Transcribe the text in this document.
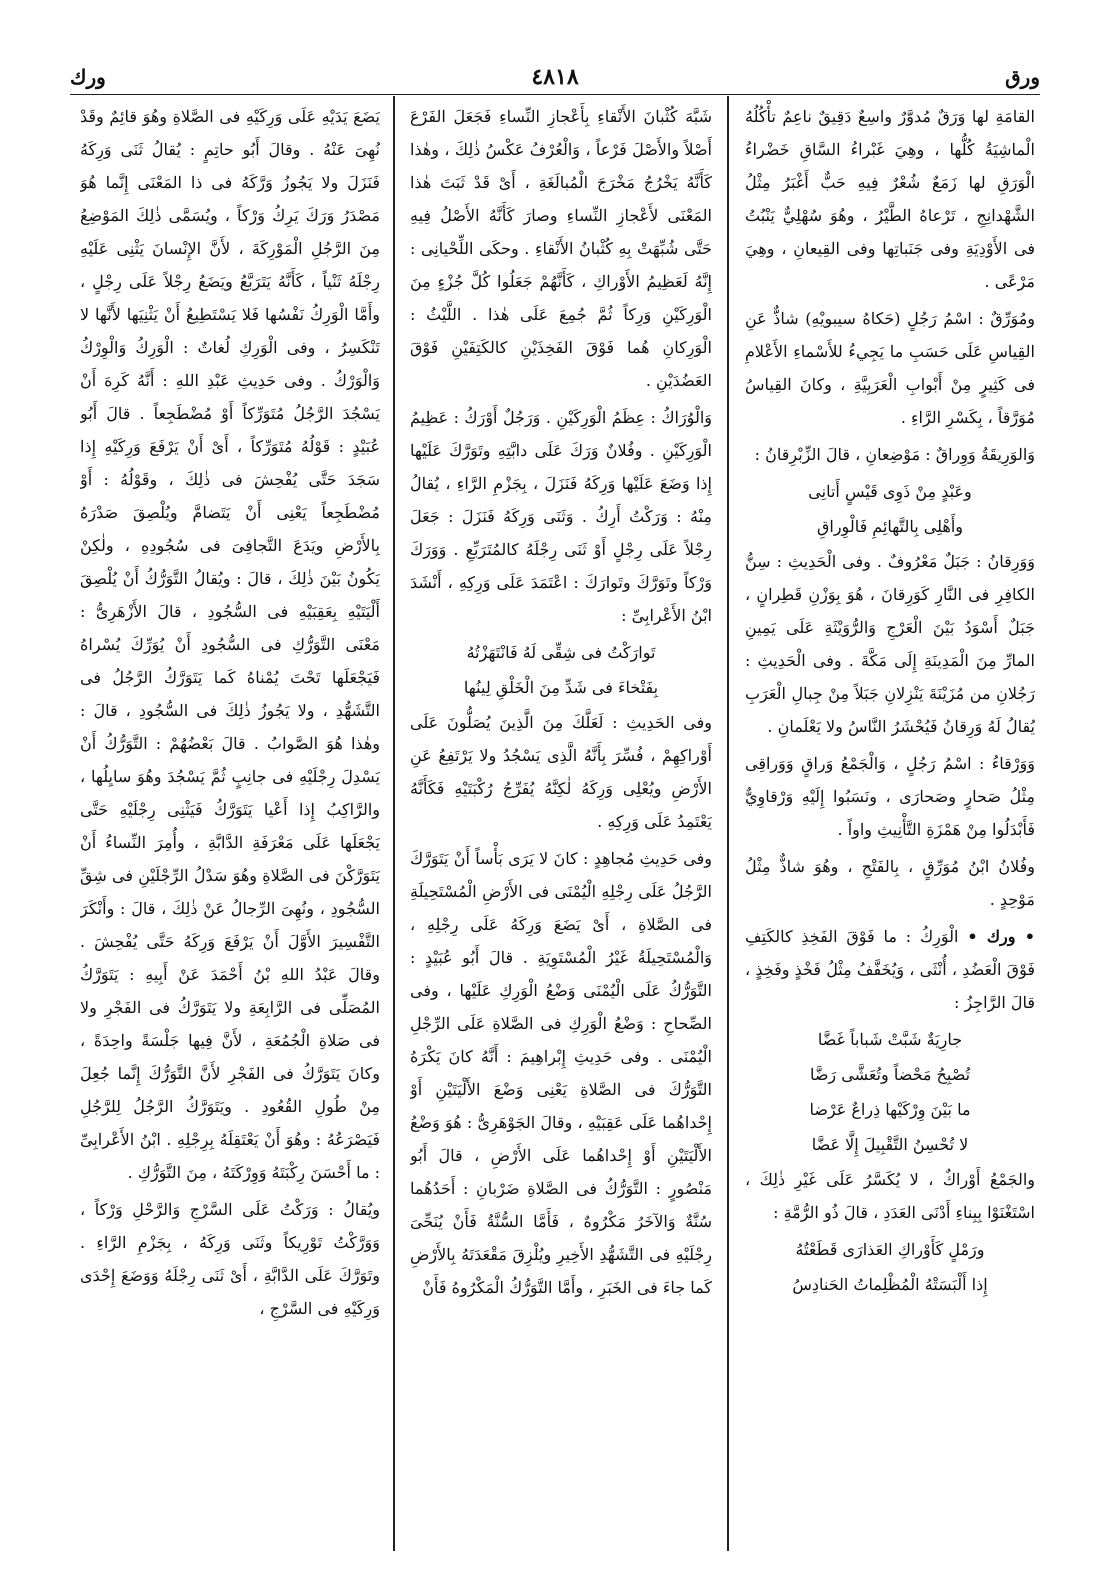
ورق
٤٨١٨
ورك

القامَةِ لها وَرَقٌ مُدوَّرٌ واسِعٌ دَقِيقٌ ناعِمٌ تأْكُلُهُ الْماشِيَةُ كُلُّها ، وهِيَ غَبْراءُ السَّاقِ خَضْراءُ الْوَرَقِ لها زَمَعٌ شُعْرٌ فِيهِ حَبٌّ أَغْبَرُ مِثْلُ الشَّهْدانِجِ ، تَرْعاهُ الطَّيْرُ ، وهُوَ سُهْلِيٌّ يَنْبُتُ فى الأَوْدِيَةِ وفى جَنَباتِها وفى القِيعانِ ، وهِيَ مَرْعًى .

ومُوَرِّقٌ : اسْمُ رَجُلٍ (حَكاهُ سيبويْهِ) شاذٌّ عَنِ القِياسِ عَلَى حَسَبِ ما يَجِيءُ للأَسْماءِ الأَعْلامِ فى كَثِيرٍ مِنْ أَبْوابِ الْعَرَبِيَّةِ ، وكانَ القِياسُ مُوَرَّقاً ، بِكَسْرِ الرَّاءِ .

وَالوَرِيقَةُ وَوِراقٌ : مَوْضِعانِ ، قالَ الزِّبْرِقانُ :

وعَبْدٍ مِنْ ذَوِى قَيْسٍ أَتانِى

وأَهْلِى بِالتَّهائِمِ فَالْوِراقِ

وَوَرِقانُ : جَبَلٌ مَعْرُوفٌ . وفى الْحَدِيثِ : سِنُّ الكافِرِ فى النَّارِ كَوَرِقانَ ، هُوَ بِوَزْنِ قَطِرانٍ ، جَبَلٌ أَسْوَدُ بَيْنَ الْعَرْجِ وَالرُّوَيْثَةِ عَلَى يَمِينِ المارِّ مِنَ الْمَدِينَةِ إِلَى مَكَّةَ . وفى الْحَدِيثِ : رَجُلانِ من مُزَيْنَةَ يَنْزِلانِ جَبَلاً مِنْ جِبالِ الْعَرَبِ يُقالُ لَهُ وَرِقانُ فَيُحْشَرُ النَّاسُ ولا يَعْلَمانِ .

وَوَرْقاءُ : اسْمُ رَجُلٍ ، وَالْجَمْعُ وَراقٍ وَوَراقِى مِثْلُ صَحارٍ وصَحارَى ، ونَسَبُوا إِلَيْهِ وَرْقاوِيٌّ فَأَبْدَلُوا مِنْ هَمْزَةِ التَّأْنِيثِ واواً .

وفُلانُ ابْنُ مُوَرِّقٍ ، بِالفَتْحِ ، وهُوَ شاذٌّ مِثْلُ مَوْحِدٍ .

• ورك • الْوَرِكُ : ما فَوْقَ الفَخِذِ كالكَتِفِ فَوْقَ الْعَضُدِ ، أُنْثَى ، وَيُخَفَّفُ مِثْلُ فَخْذٍ وفَخِذٍ ، قالَ الرَّاجِزُ :

جارِيَةٌ شَبَّتْ شَباباً غَضَّا

تُصْبِحُ مَحْضاً وتُعَشَّى رَضَّا

ما بَيْنَ وِرْكَيْها ذِراعٌ عَرْضا

لا تُحْسِنُ التَّقْبِيلَ إِلَّا عَضَّا

والجَمْعُ أَوْراكٌ ، لا يُكَسَّرُ عَلَى غَيْرِ ذٰلِكَ ، اسْتَغْنَوْا بِبِناءِ أَدْنَى العَدَدِ ، قالَ ذُو الرُّمَّةِ :

ورَمْلٍ كَأَوْراكِ العَذارَى قَطَعْتُهُ

إِذا أَلْبَسَتْهُ الْمُظْلِماتُ الحَنادِسُ

شَبَّهَ كُثْبانَ الأَنْقاءِ بِأَعْجازِ النِّساءِ فَجَعَلَ الفَرْعَ أَصْلاً والأَصْلَ فَرْعاً ، وَالْعُرْفُ عَكْسُ ذٰلِكَ ، وهٰذا كَأَنَّهُ يَخْرُجُ مَخْرَجَ الْمُبالَغَةِ ، أَىْ قَدْ ثَبَتَ هٰذا المَعْنَى لأَعْجازِ النِّساءِ وصارَ كَأَنَّهُ الأَصْلُ فِيهِ حَتَّى شُبِّهَتْ بِهِ كُثْبانُ الأَنْقاءِ . وحكَى اللِّحْيانِى : إِنَّهُ لَعَظِيمُ الأَوْراكِ ، كَأَنَّهُمْ جَعَلُوا كُلَّ جُزْءٍ مِنَ الْوَرِكَيْنِ وَرِكاً ثُمَّ جُمِعَ عَلَى هٰذا . اللَّيْثُ : الْوَرِكانِ هُما فَوْقَ الفَخِذَيْنِ كالكَتِفَيْنِ فَوْقَ العَضُدَيْنِ .

وَالْوُرَاكُ : عِظَمُ الْوَرِكَيْنِ . وَرَجُلٌ أَوْرَكُ : عَظِيمُ الْوَرِكَيْنِ . وفُلانٌ وَرَكَ عَلَى دابَّتِهِ وتَوَرَّكَ عَلَيْها إِذا وَضَعَ عَلَيْها وَرِكَهُ فَنَزَلَ ، بِجَزْمِ الرَّاءِ ، يُقالُ مِنْهُ : وَرَكْتُ أَرِكُ . وَثَنَى وَرِكَهُ فَنَزَلَ : جَعَلَ رِجْلاً عَلَى رِجْلٍ أَوْ ثَنَى رِجْلَهُ كالمُتَرَبِّعِ . وَوَرَكَ وَرْكاً وتَوَرَّكَ وتَوارَكَ : اعْتَمَدَ عَلَى وَرِكِهِ ، أَنْشَدَ ابْنُ الأَعْرابِىِّ :

تَوارَكْتُ فى شِقِّى لَهُ فَانْتَهَزْتُهُ

بِفَتْخاءَ فى شَدِّ مِنَ الْخَلْقِ لِينُها

وفى الحَدِيثِ : لَعَلَّكَ مِنَ الَّذِينَ يُصَلُّونَ عَلَى أَوْراكِهِمْ ، فُسِّرَ بِأَنَّهُ الَّذِى يَسْجُدُ ولا يَرْتَفِعُ عَنِ الأَرْضِ ويُعْلِى وَرِكَهُ لٰكِنَّهُ يُفَرِّجُ رُكْبَتَيْهِ فَكَأَنَّهُ يَعْتَمِدُ عَلَى وَرِكِهِ .

وفى حَدِيثِ مُجاهِدٍ : كانَ لا يَرَى بَأْساً أَنْ يَتَوَرَّكَ الرَّجُلُ عَلَى رِجْلِهِ الْيُمْنَى فى الأَرْضِ الْمُسْتَحِيلَةِ فى الصَّلاةِ ، أَىْ يَضَعَ وَرِكَهُ عَلَى رِجْلِهِ ، وَالْمُسْتَحِيلَةُ غَيْرُ الْمُسْتَوِيَةِ . قالَ أَبُو عُبَيْدٍ : التَّوَرُّكُ عَلَى الْيُمْنَى وَضْعُ الْوَرِكِ عَلَيْها ، وفى الصِّحاحِ : وَضْعُ الْوَرِكِ فى الصَّلاةِ عَلَى الرِّجْلِ الْيُمْنَى . وفى حَدِيثِ إِبْراهِيمَ : أَنَّهُ كانَ يَكْرَهُ التَّوَرُّكَ فى الصَّلاةِ يَعْنِى وَضْعَ الأَلْيَتَيْنِ أَوْ إِحْداهُما عَلَى عَقِبَيْهِ ، وقالَ الجَوْهَرِىُّ : هُوَ وَضْعُ الأَلْيَتَيْنِ أَوْ إِحْداهُما عَلَى الأَرْضِ ، قالَ أَبُو مَنْصُورٍ : التَّوَرُّكُ فى الصَّلاةِ ضَرْبانِ : أَحَدُهُما سُنَّةٌ وَالآخَرُ مَكْرُوهٌ ، فَأَمَّا السُّنَّةُ فَأَنْ يُنَحِّىَ رِجْلَيْهِ فى التَّشَهُّدِ الأَخِيرِ ويُلْزِقَ مَقْعَدَتَهُ بِالأَرْضِ كَما جاءَ فى الخَبَرِ ، وأَمَّا التَّوَرُّكُ الْمَكْرُوهُ فَأَنْ

يَضَعَ يَدَيْهِ عَلَى وَرِكَيْهِ فى الصَّلاةِ وهُوَ قائِمٌ وقَدْ نُهِىَ عَنْهُ . وقالَ أَبُو حاتِمٍ : يُقالُ ثَنَى وَرِكَهُ فَنَزَلَ ولا يَجُوزُ وَرَّكَهُ فى ذا المَعْنَى إِنَّما هُوَ مَصْدَرُ وَرَكَ يَرِكُ وَرْكاً ، ويُسَمَّى ذٰلِكَ المَوْضِعُ مِنَ الرَّجُلِ الْمَوْرِكَةَ ، لأَنَّ الإِنْسانَ يَثْنِى عَلَيْهِ رِجْلَهُ ثَنْياً ، كَأَنَّهُ يَتَرَبَّعُ ويَضَعُ رِجْلاً عَلَى رِجْلٍ ، وأَمَّا الْوَرِكُ نَفْسُها فَلا يَسْتَطِيعُ أَنْ يَثْنِيَها لأَنَّها لا تَنْكَسِرُ ، وفى الْوَرِكِ لُغاتٌ : الْوَرِكُ وَالْوِرْكُ وَالْوَرْكُ . وفى حَدِيثِ عَبْدِ اللهِ : أَنَّهُ كَرِهَ أَنْ يَسْجُدَ الرَّجُلُ مُتَوَرِّكاً أَوْ مُضْطَجِعاً . قالَ أَبُو عُبَيْدٍ : قَوْلُهُ مُتَوَرِّكاً ، أَىْ أَنْ يَرْفَعَ وَرِكَيْهِ إِذا سَجَدَ حَتَّى يُفْحِشَ فى ذٰلِكَ ، وقَوْلُهُ : أَوْ مُضْطَجِعاً يَعْنِى أَنْ يَتَضامَّ ويُلْصِقَ صَدْرَهُ بِالأَرْضِ ويَدَعَ التَّجافِىَ فى سُجُودِهِ ، ولٰكِنْ يَكُونُ بَيْنَ ذٰلِكَ ، قالَ : ويُقالُ التَّوَرُّكُ أَنْ يُلْصِقَ أَلْيَتَيْهِ بِعَقِبَيْهِ فى السُّجُودِ ، قالَ الأَزْهَرِىُّ : مَعْنَى التَّوَرُّكِ فى السُّجُودِ أَنْ يُوَرِّكَ يُسْراهُ فَيَجْعَلَها تَحْتَ يُمْناهُ كَما يَتَوَرَّكُ الرَّجُلُ فى التَّشَهُّدِ ، ولا يَجُوزُ ذٰلِكَ فى السُّجُودِ ، قالَ : وهٰذا هُوَ الصَّوابُ . قالَ بَعْضُهُمْ : التَّوَرُّكُ أَنْ يَسْدِلَ رِجْلَيْهِ فى جانِبٍ ثُمَّ يَسْجُدَ وهُوَ سايِلُها ، والرَّاكِبُ إِذا أَعْيا يَتَوَرَّكُ فَيَثْنِى رِجْلَيْهِ حَتَّى يَجْعَلَها عَلَى مَعْرَفَةِ الدَّابَّةِ ، وأُمِرَ النِّساءُ أَنْ يَتَوَرَّكْنَ فى الصَّلاةِ وهُوَ سَدْلُ الرِّجْلَيْنِ فى شِقِّ السُّجُودِ ، ونُهِىَ الرِّجالُ عَنْ ذٰلِكَ ، قالَ : وأَنْكَرَ التَّفْسِيرَ الأَوَّلَ أَنْ يَرْفَعَ وَرِكَهُ حَتَّى يُفْحِشَ . وقالَ عَبْدُ اللهِ بْنُ أَحْمَدَ عَنْ أَبِيهِ : يَتَوَرَّكُ المُصَلِّى فى الرَّابِعَةِ ولا يَتَوَرَّكُ فى الفَجْرِ ولا فى صَلاةِ الْجُمُعَةِ ، لأَنَّ فِيها جَلْسَةً واحِدَةً ، وكانَ يَتَوَرَّكُ فى الفَجْرِ لأَنَّ التَّوَرُّكَ إِنَّما جُعِلَ مِنْ طُولِ القُعُودِ . ويَتَوَرَّكُ الرَّجُلُ لِلرَّجُلِ فَيَصْرَعُهُ : وهُوَ أَنْ يَعْتَقِلَهُ بِرِجْلِهِ . ابْنُ الأَعْرابِىِّ : ما أَحْسَنَ رِكْبَتَهُ وَوِرْكَتَهُ ، مِنَ التَّوَرُّكِ .

ويُقالُ : وَرَكْتُ عَلَى السَّرْجِ وَالرَّحْلِ وَرْكاً ، وَوَرَّكْتُ تَوْرِيكاً وثَنَى وَرِكَهُ ، بِجَزْمِ الرَّاءِ . وتَوَرَّكَ عَلَى الدَّابَّةِ ، أَىْ ثَنَى رِجْلَهُ وَوَضَعَ إِحْدَى وَرِكَيْهِ فى السَّرْجِ ،
